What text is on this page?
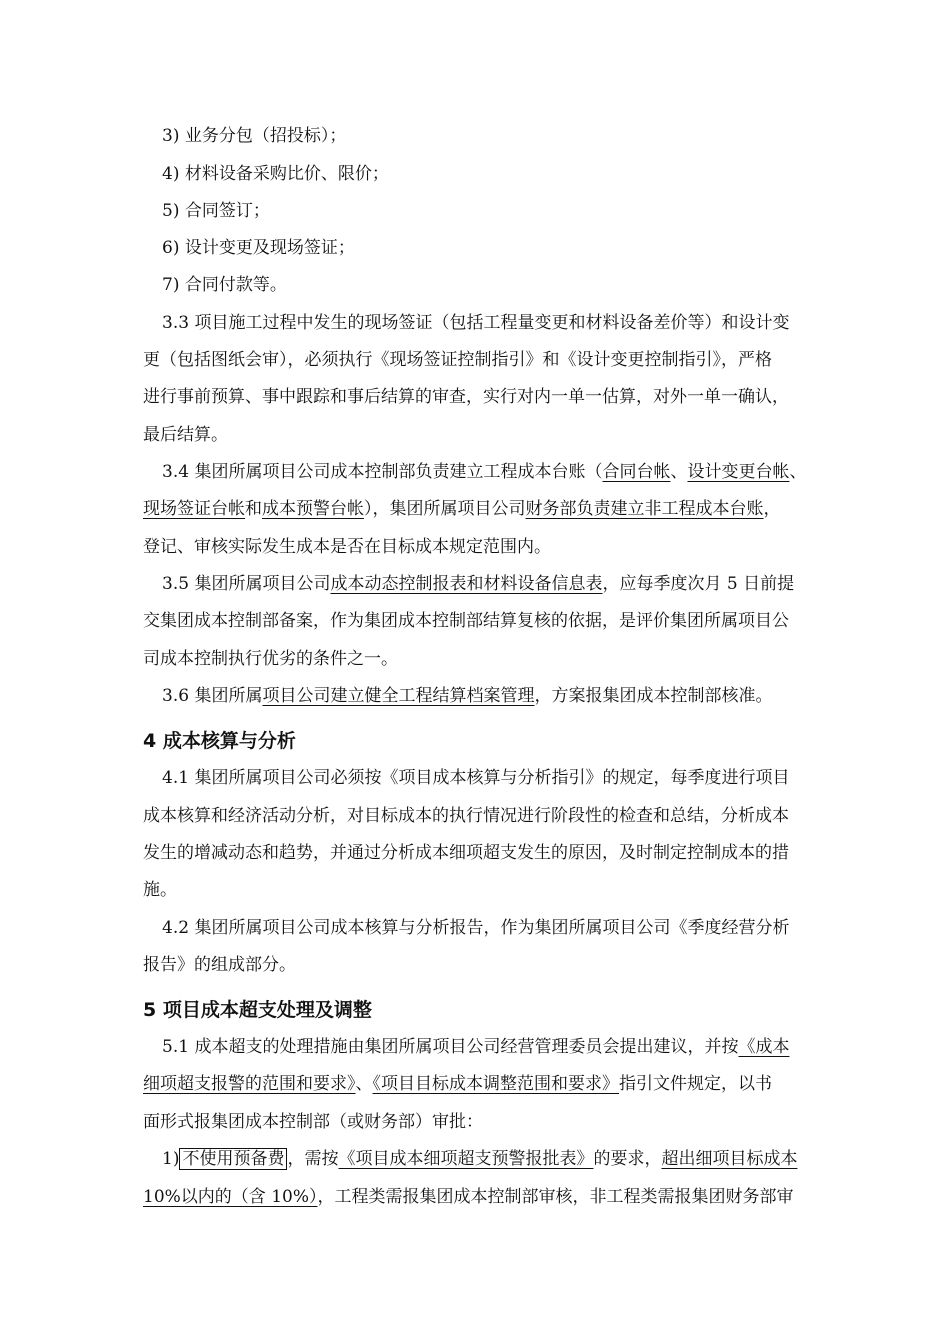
3) 业务分包（招投标）；
4) 材料设备采购比价、限价；
5) 合同签订；
6) 设计变更及现场签证；
7) 合同付款等。
3.3 项目施工过程中发生的现场签证（包括工程量变更和材料设备差价等）和设计变
更（包括图纸会审），必须执行《现场签证控制指引》和《设计变更控制指引》，严格
进行事前预算、事中跟踪和事后结算的审查，实行对内一单一估算，对外一单一确认，
最后结算。
3.4 集团所属项目公司成本控制部负责建立工程成本台账（合同台帐、设计变更台帐、
现场签证台帐和成本预警台帐），集团所属项目公司财务部负责建立非工程成本台账，
登记、审核实际发生成本是否在目标成本规定范围内。
3.5 集团所属项目公司成本动态控制报表和材料设备信息表，应每季度次月 5 日前提
交集团成本控制部备案，作为集团成本控制部结算复核的依据，是评价集团所属项目公
司成本控制执行优劣的条件之一。
3.6 集团所属项目公司建立健全工程结算档案管理，方案报集团成本控制部核准。
4 成本核算与分析
4.1 集团所属项目公司必须按《项目成本核算与分析指引》的规定，每季度进行项目
成本核算和经济活动分析，对目标成本的执行情况进行阶段性的检查和总结，分析成本
发生的增减动态和趋势，并通过分析成本细项超支发生的原因，及时制定控制成本的措
施。
4.2 集团所属项目公司成本核算与分析报告，作为集团所属项目公司《季度经营分析
报告》的组成部分。
5 项目成本超支处理及调整
5.1 成本超支的处理措施由集团所属项目公司经营管理委员会提出建议，并按《成本
细项超支报警的范围和要求》、《项目目标成本调整范围和要求》指引文件规定，以书
面形式报集团成本控制部（或财务部）审批：
1) 不使用预备费 ，需按《项目成本细项超支预警报批表》的要求，超出细项目标成本
10%以内的（含 10%），工程类需报集团成本控制部审核，非工程类需报集团财务部审
